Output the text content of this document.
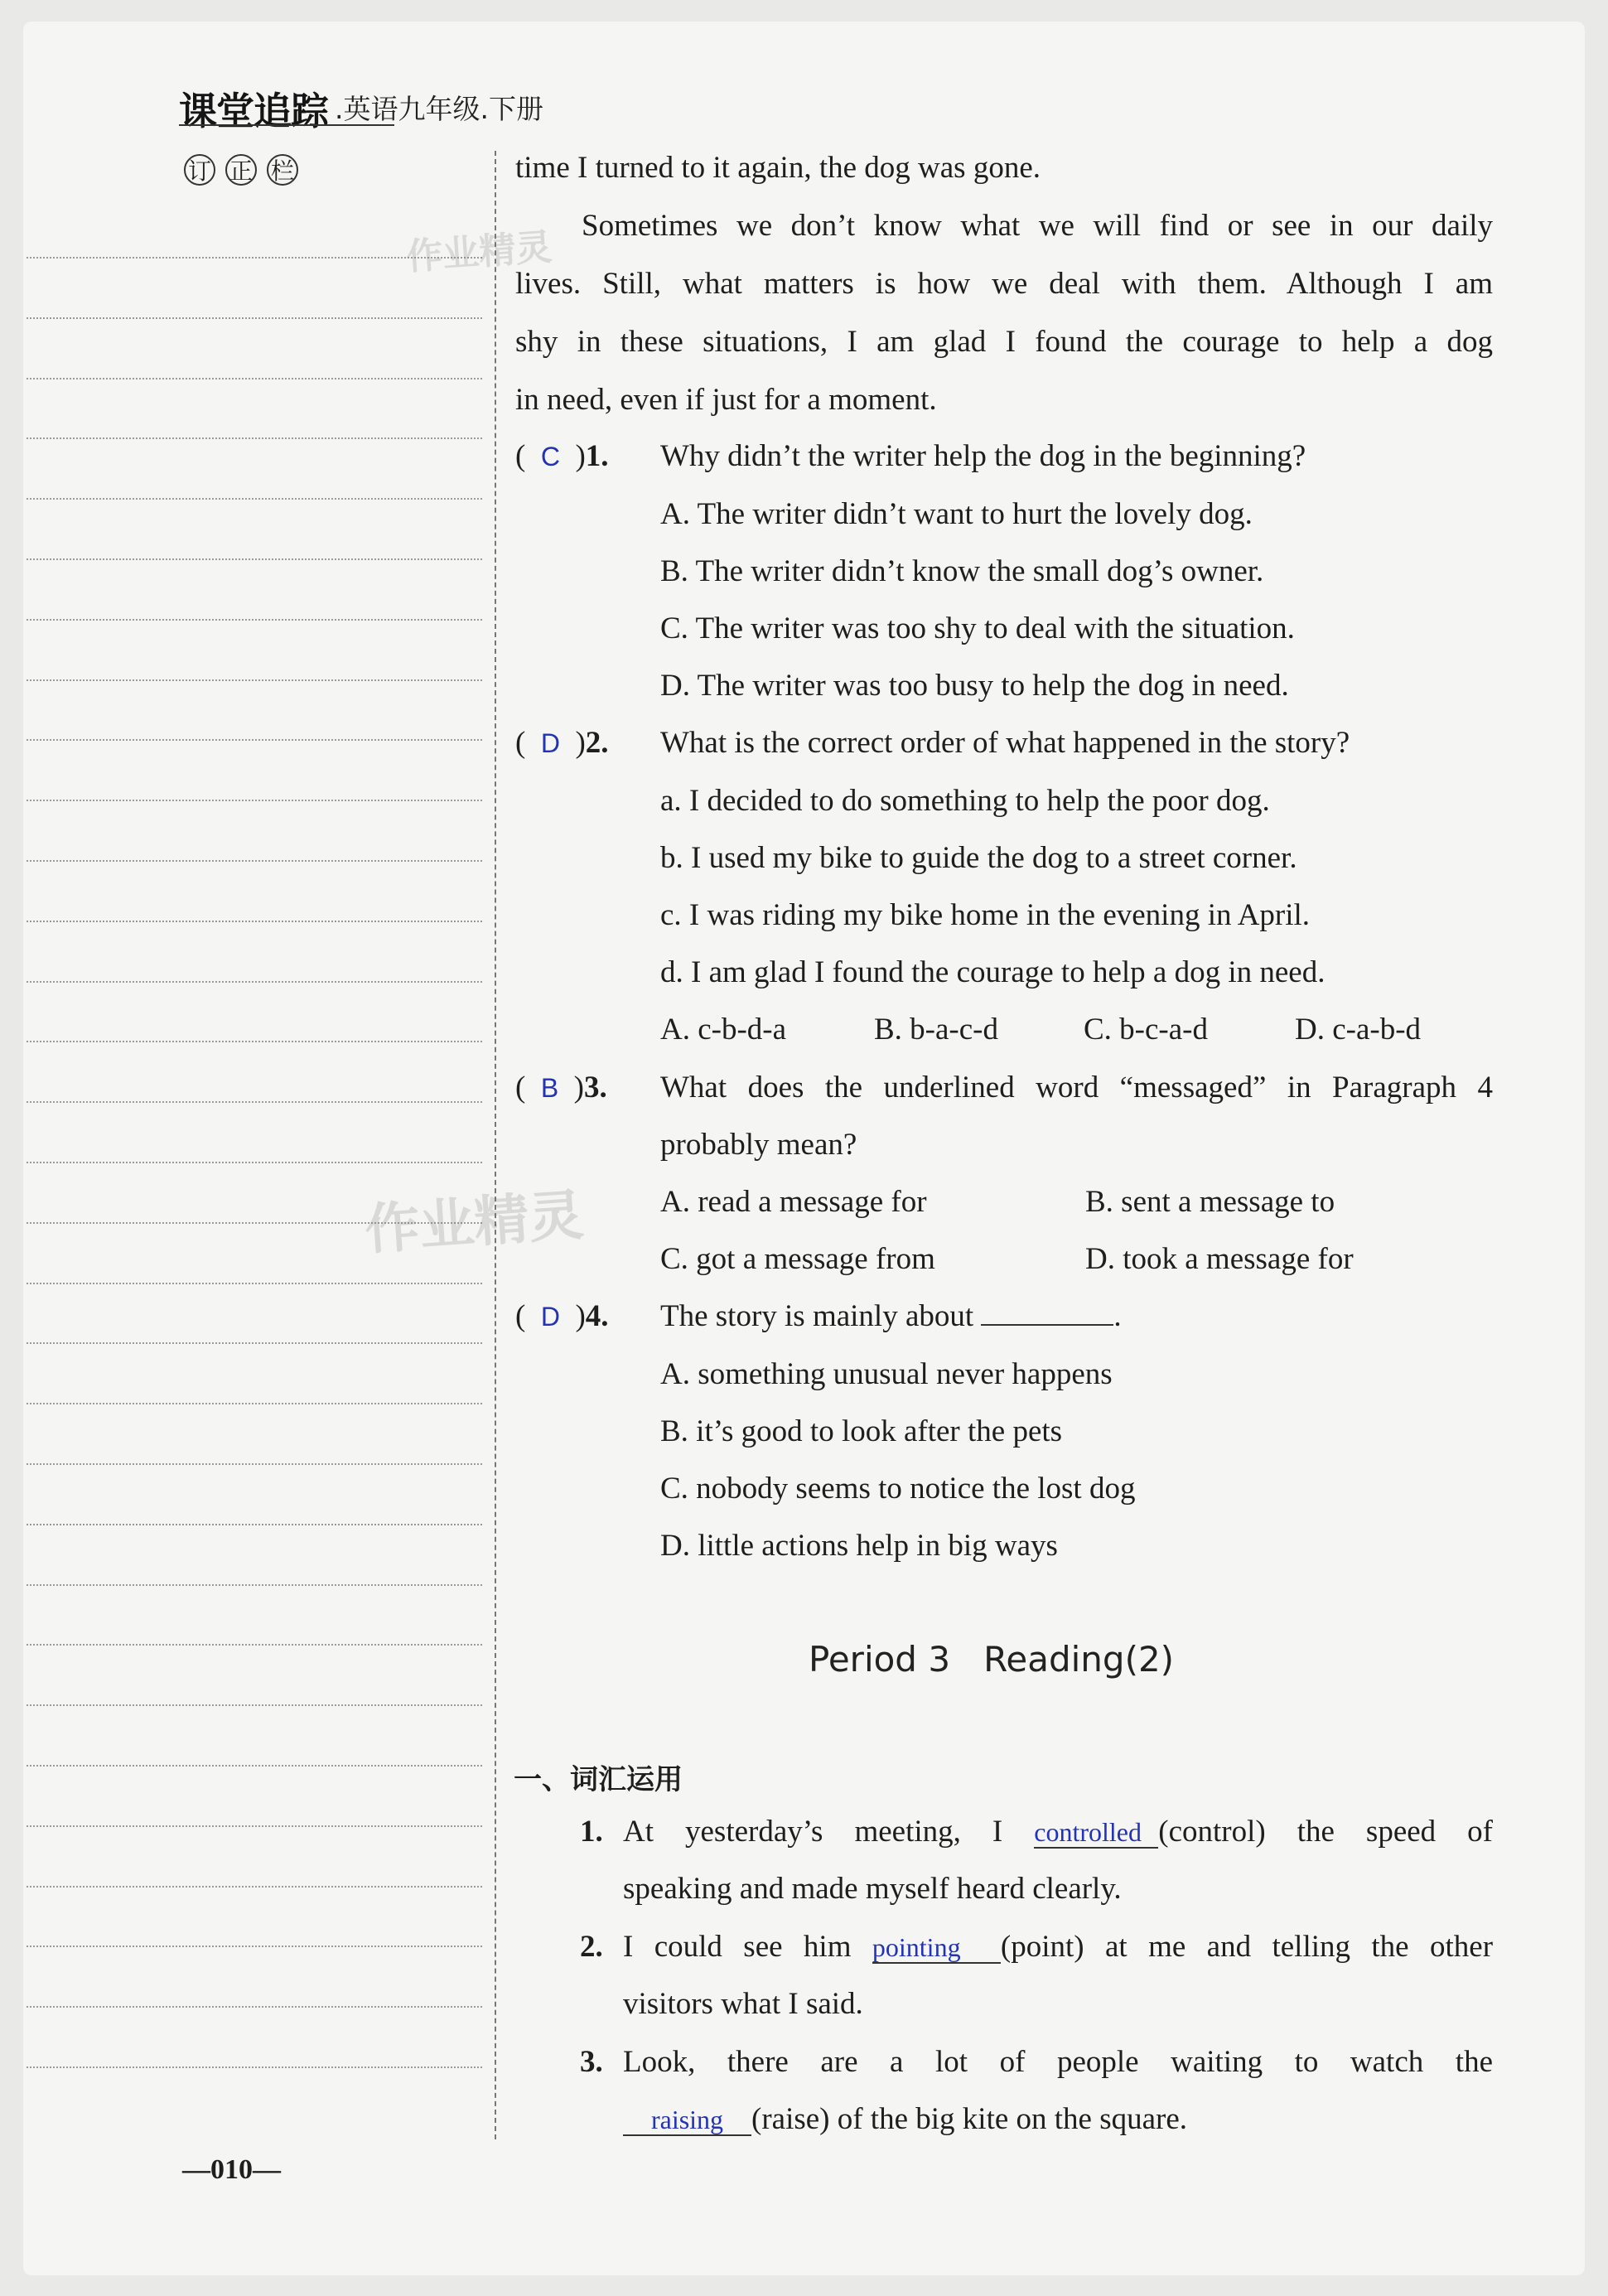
课堂追踪 .英语九年级.下册
订 正 栏
作业精灵
作业精灵
time I turned to it again, the dog was gone.
Sometimes we don’t know what we will find or see in our daily
lives. Still, what matters is how we deal with them. Although I am
shy in these situations, I am glad I found the courage to help a dog
in need, even if just for a moment.
(  C  )1. Why didn’t the writer help the dog in the beginning?
A. The writer didn’t want to hurt the lovely dog.
B. The writer didn’t know the small dog’s owner.
C. The writer was too shy to deal with the situation.
D. The writer was too busy to help the dog in need.
(  D  )2. What is the correct order of what happened in the story?
a. I decided to do something to help the poor dog.
b. I used my bike to guide the dog to a street corner.
c. I was riding my bike home in the evening in April.
d. I am glad I found the courage to help a dog in need.
A. c-b-d-a	B. b-a-c-d	C. b-c-a-d	D. c-a-b-d
(  B  )3. What does the underlined word “messaged” in Paragraph 4
probably mean?
A. read a message for	B. sent a message to
C. got a message from	D. took a message for
(  D  )4. The story is mainly about	.
A. something unusual never happens
B. it’s good to look after the pets
C. nobody seems to notice the lost dog
D. little actions help in big ways
Period 3   Reading(2)
一、词汇运用
1. At yesterday’s meeting, I controlled (control) the speed of
speaking and made myself heard clearly.
2. I could see him pointing (point) at me and telling the other
visitors what I said.
3. Look, there are a lot of people waiting to watch the
raising (raise) of the big kite on the square.
—010—
